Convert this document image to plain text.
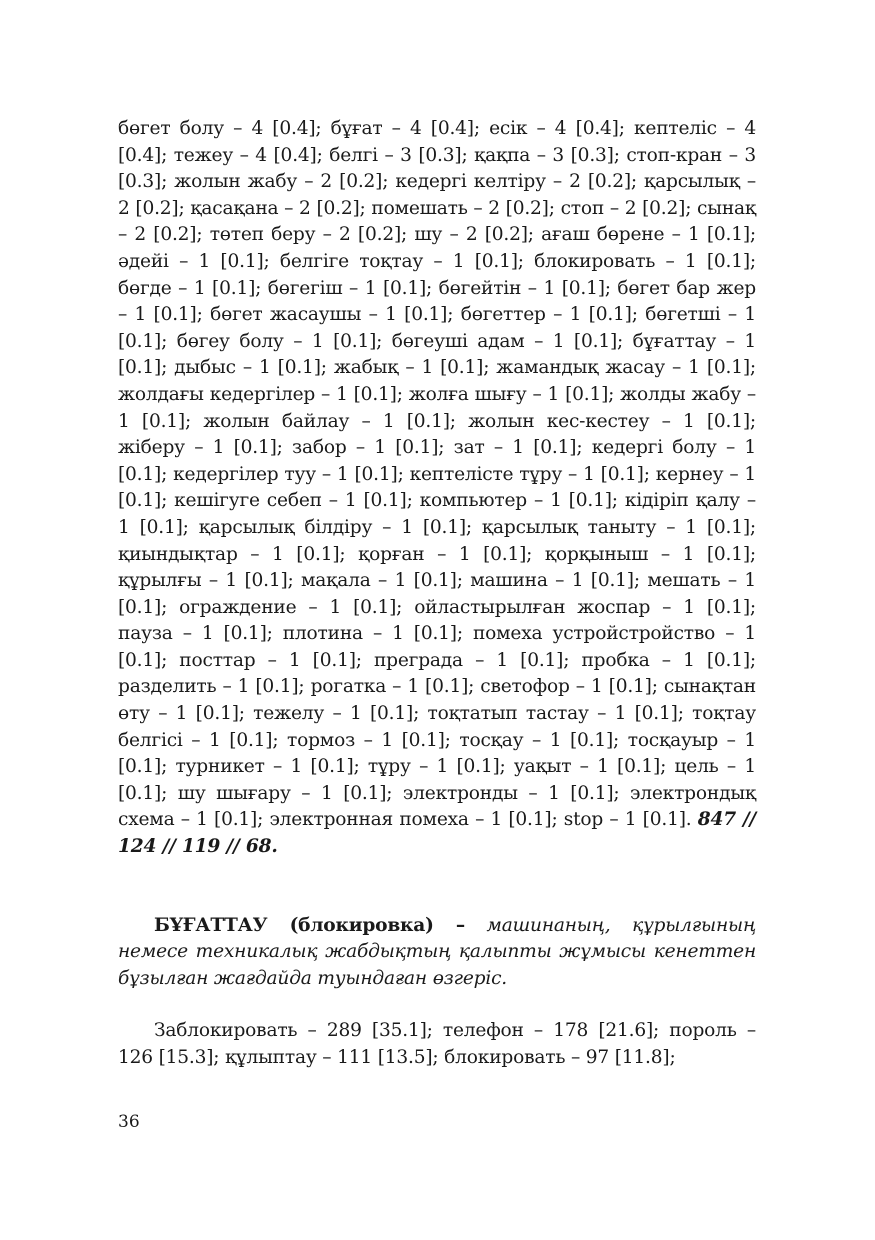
бөгет болу – 4 [0.4]; бұғат – 4 [0.4]; есік – 4 [0.4]; кептеліс – 4 [0.4]; тежеу – 4 [0.4]; белгі – 3 [0.3]; қақпа – 3 [0.3]; стоп-кран – 3 [0.3]; жолын жабу – 2 [0.2]; кедергі келтіру – 2 [0.2]; қарсылық – 2 [0.2]; қасақана – 2 [0.2]; помешать – 2 [0.2]; стоп – 2 [0.2]; сынақ – 2 [0.2]; төтеп беру – 2 [0.2]; шу – 2 [0.2]; ағаш бөрене – 1 [0.1]; әдейі – 1 [0.1]; белгіге тоқтау – 1 [0.1]; блокировать – 1 [0.1]; бөгде – 1 [0.1]; бөгегіш – 1 [0.1]; бөгейтін – 1 [0.1]; бөгет бар жер – 1 [0.1]; бөгет жасаушы – 1 [0.1]; бөгеттер – 1 [0.1]; бөгетші – 1 [0.1]; бөгеу болу – 1 [0.1]; бөгеуші адам – 1 [0.1]; бұғаттау – 1 [0.1]; дыбыс – 1 [0.1]; жабық – 1 [0.1]; жамандық жасау – 1 [0.1]; жолдағы кедергілер – 1 [0.1]; жолға шығу – 1 [0.1]; жолды жабу – 1 [0.1]; жолын байлау – 1 [0.1]; жолын кес-кестеу – 1 [0.1]; жіберу – 1 [0.1]; забор – 1 [0.1]; зат – 1 [0.1]; кедергі болу – 1 [0.1]; кедергілер туу – 1 [0.1]; кептелісте тұру – 1 [0.1]; кернеу – 1 [0.1]; кешігуге себеп – 1 [0.1]; компьютер – 1 [0.1]; кідіріп қалу – 1 [0.1]; қарсылық білдіру – 1 [0.1]; қарсылық таныту – 1 [0.1]; қиындықтар – 1 [0.1]; қорған – 1 [0.1]; қорқыныш – 1 [0.1]; құрылғы – 1 [0.1]; мақала – 1 [0.1]; машина – 1 [0.1]; мешать – 1 [0.1]; ограждение – 1 [0.1]; ойластырылған жоспар – 1 [0.1]; пауза – 1 [0.1]; плотина – 1 [0.1]; помеха устройстройство – 1 [0.1]; посттар – 1 [0.1]; преграда – 1 [0.1]; пробка – 1 [0.1]; разделить – 1 [0.1]; рогатка – 1 [0.1]; светофор – 1 [0.1]; сынақтан өту – 1 [0.1]; тежелу – 1 [0.1]; тоқтатып тастау – 1 [0.1]; тоқтау белгісі – 1 [0.1]; тормоз – 1 [0.1]; тосқау – 1 [0.1]; тосқауыр – 1 [0.1]; турникет – 1 [0.1]; тұру – 1 [0.1]; уақыт – 1 [0.1]; цель – 1 [0.1]; шу шығару – 1 [0.1]; электронды – 1 [0.1]; электрондық схема – 1 [0.1]; электронная помеха – 1 [0.1]; stop – 1 [0.1]. 847 // 124 // 119 // 68.

БҰҒАТТАУ (блокировка) – машинаның, құрылғының немесе техникалық жабдықтың қалыпты жұмысы кенеттен бұзылған жағдайда туындаған өзгеріс.

Заблокировать – 289 [35.1]; телефон – 178 [21.6]; пороль – 126 [15.3]; құлыптау – 111 [13.5]; блокировать – 97 [11.8];

36
